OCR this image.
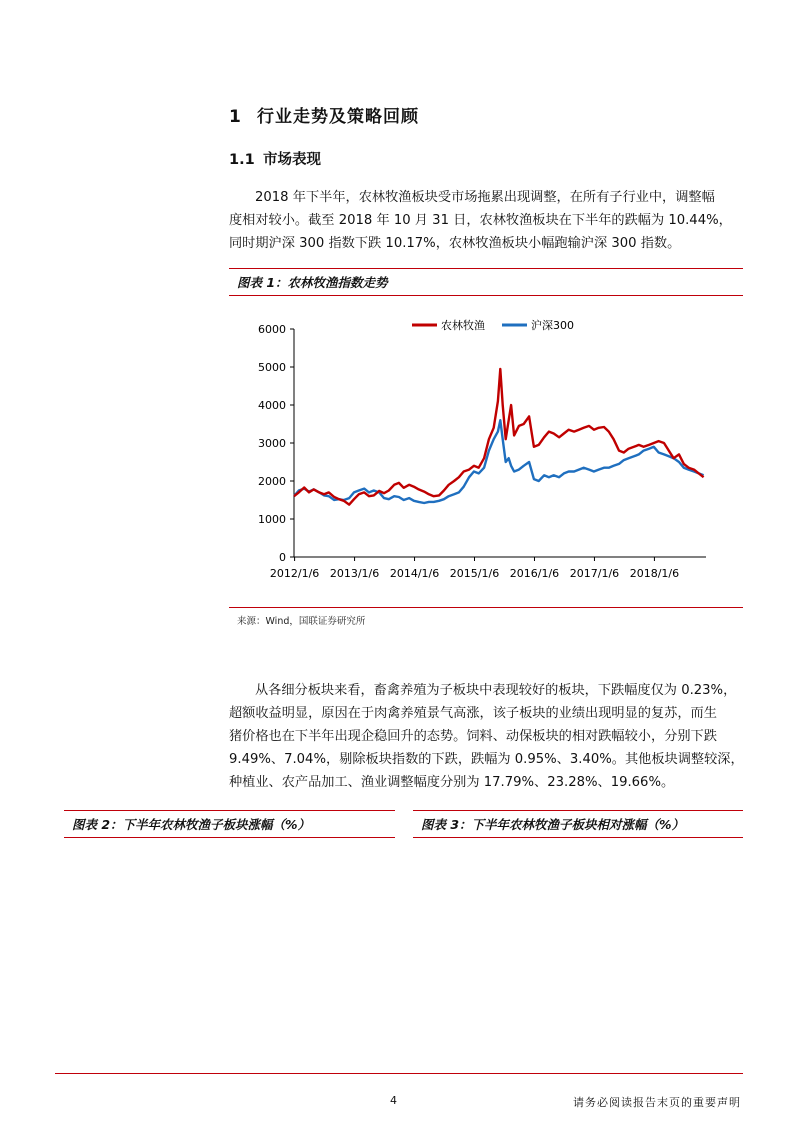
1 行业走势及策略回顾
1.1 市场表现

2018 年下半年，农林牧渔板块受市场拖累出现调整，在所有子行业中，调整幅
度相对较小。截至 2018 年 10 月 31 日，农林牧渔板块在下半年的跌幅为 10.44%，
同时期沪深 300 指数下跌 10.17%，农林牧渔板块小幅跑输沪深 300 指数。

图表 1：农林牧渔指数走势
农林牧渔	沪深300
0
1000
2000
3000
4000
5000
6000
2012/1/6 2013/1/6 2014/1/6 2015/1/6 2016/1/6 2017/1/6 2018/1/6
来源：Wind，国联证券研究所

从各细分板块来看，畜禽养殖为子板块中表现较好的板块，下跌幅度仅为 0.23%，
超额收益明显，原因在于肉禽养殖景气高涨，该子板块的业绩出现明显的复苏，而生
猪价格也在下半年出现企稳回升的态势。饲料、动保板块的相对跌幅较小，分别下跌
9.49%、7.04%，剔除板块指数的下跌，跌幅为 0.95%、3.40%。其他板块调整较深，
种植业、农产品加工、渔业调整幅度分别为 17.79%、23.28%、19.66%。

图表 2：下半年农林牧渔子板块涨幅（%）	图表 3：下半年农林牧渔子板块相对涨幅（%）
4	请务必阅读报告末页的重要声明
